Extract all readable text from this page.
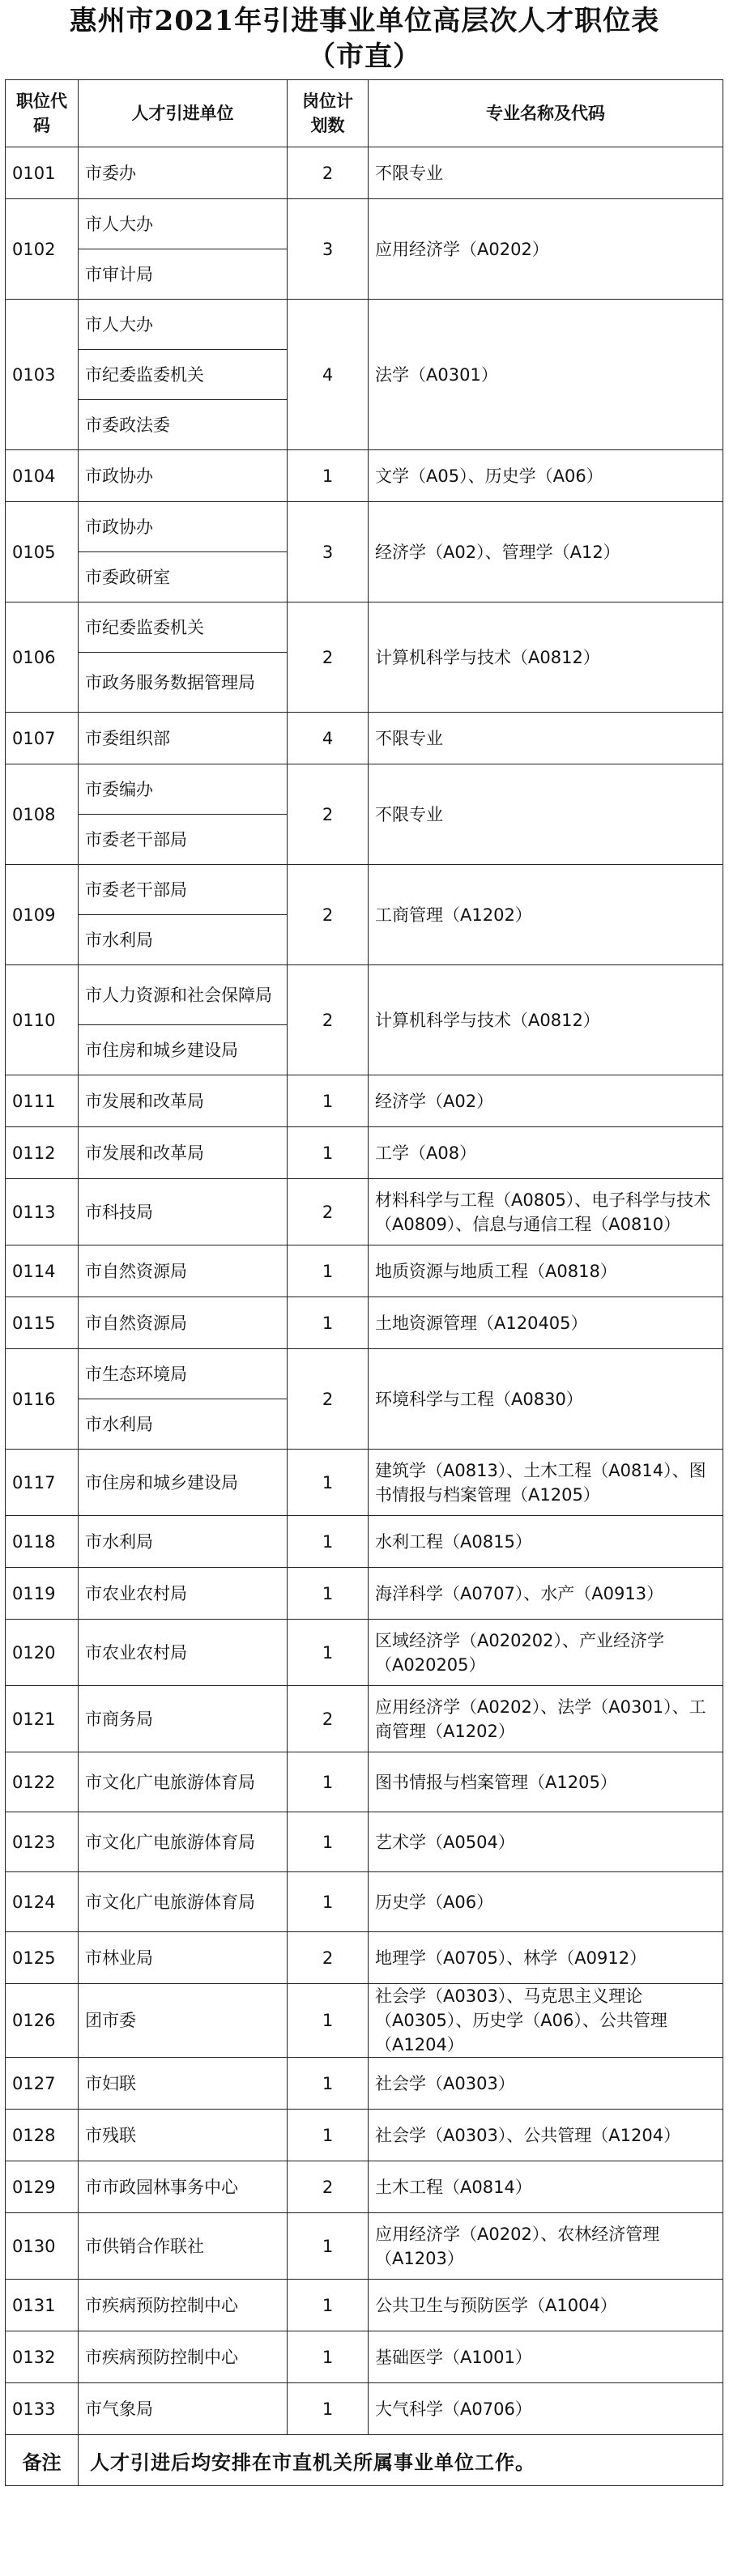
惠州市2021年引进事业单位高层次人才职位表
（市直）
职位代码	人才引进单位	岗位计划数	专业名称及代码
0101	市委办	2	不限专业
0102	市人大办	3	应用经济学（A0202）
	市审计局		
0103	市人大办	4	法学（A0301）
	市纪委监委机关		
	市委政法委		
0104	市政协办	1	文学（A05）、历史学（A06）
0105	市政协办	3	经济学（A02）、管理学（A12）
	市委政研室		
0106	市纪委监委机关	2	计算机科学与技术（A0812）
	市政务服务数据管理局		
0107	市委组织部	4	不限专业
0108	市委编办	2	不限专业
	市委老干部局		
0109	市委老干部局	2	工商管理（A1202）
	市水利局		
0110	市人力资源和社会保障局	2	计算机科学与技术（A0812）
	市住房和城乡建设局		
0111	市发展和改革局	1	经济学（A02）
0112	市发展和改革局	1	工学（A08）
0113	市科技局	2	材料科学与工程（A0805）、电子科学与技术（A0809）、信息与通信工程（A0810）
0114	市自然资源局	1	地质资源与地质工程（A0818）
0115	市自然资源局	1	土地资源管理（A120405）
0116	市生态环境局	2	环境科学与工程（A0830）
	市水利局		
0117	市住房和城乡建设局	1	建筑学（A0813）、土木工程（A0814）、图书情报与档案管理（A1205）
0118	市水利局	1	水利工程（A0815）
0119	市农业农村局	1	海洋科学（A0707）、水产（A0913）
0120	市农业农村局	1	区域经济学（A020202）、产业经济学（A020205）
0121	市商务局	2	应用经济学（A0202）、法学（A0301）、工商管理（A1202）
0122	市文化广电旅游体育局	1	图书情报与档案管理（A1205）
0123	市文化广电旅游体育局	1	艺术学（A0504）
0124	市文化广电旅游体育局	1	历史学（A06）
0125	市林业局	2	地理学（A0705）、林学（A0912）
0126	团市委	1	社会学（A0303）、马克思主义理论（A0305）、历史学（A06）、公共管理（A1204）
0127	市妇联	1	社会学（A0303）
0128	市残联	1	社会学（A0303）、公共管理（A1204）
0129	市市政园林事务中心	2	土木工程（A0814）
0130	市供销合作联社	1	应用经济学（A0202）、农林经济管理（A1203）
0131	市疾病预防控制中心	1	公共卫生与预防医学（A1004）
0132	市疾病预防控制中心	1	基础医学（A1001）
0133	市气象局	1	大气科学（A0706）
备注	人才引进后均安排在市直机关所属事业单位工作。		
